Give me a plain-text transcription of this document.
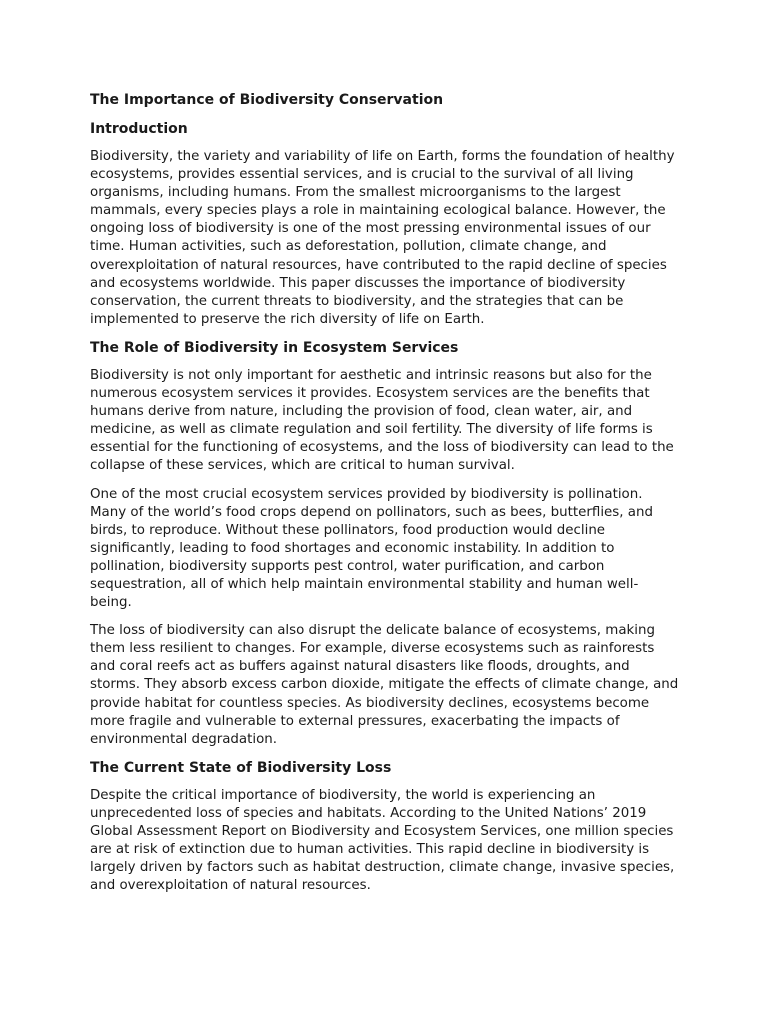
The Importance of Biodiversity Conservation
Introduction

Biodiversity, the variety and variability of life on Earth, forms the foundation of healthy ecosystems, provides essential services, and is crucial to the survival of all living organisms, including humans. From the smallest microorganisms to the largest mammals, every species plays a role in maintaining ecological balance. However, the ongoing loss of biodiversity is one of the most pressing environmental issues of our time. Human activities, such as deforestation, pollution, climate change, and overexploitation of natural resources, have contributed to the rapid decline of species and ecosystems worldwide. This paper discusses the importance of biodiversity conservation, the current threats to biodiversity, and the strategies that can be implemented to preserve the rich diversity of life on Earth.

The Role of Biodiversity in Ecosystem Services

Biodiversity is not only important for aesthetic and intrinsic reasons but also for the numerous ecosystem services it provides. Ecosystem services are the benefits that humans derive from nature, including the provision of food, clean water, air, and medicine, as well as climate regulation and soil fertility. The diversity of life forms is essential for the functioning of ecosystems, and the loss of biodiversity can lead to the collapse of these services, which are critical to human survival.

One of the most crucial ecosystem services provided by biodiversity is pollination. Many of the world’s food crops depend on pollinators, such as bees, butterflies, and birds, to reproduce. Without these pollinators, food production would decline significantly, leading to food shortages and economic instability. In addition to pollination, biodiversity supports pest control, water purification, and carbon sequestration, all of which help maintain environmental stability and human well-being.

The loss of biodiversity can also disrupt the delicate balance of ecosystems, making them less resilient to changes. For example, diverse ecosystems such as rainforests and coral reefs act as buffers against natural disasters like floods, droughts, and storms. They absorb excess carbon dioxide, mitigate the effects of climate change, and provide habitat for countless species. As biodiversity declines, ecosystems become more fragile and vulnerable to external pressures, exacerbating the impacts of environmental degradation.

The Current State of Biodiversity Loss

Despite the critical importance of biodiversity, the world is experiencing an unprecedented loss of species and habitats. According to the United Nations’ 2019 Global Assessment Report on Biodiversity and Ecosystem Services, one million species are at risk of extinction due to human activities. This rapid decline in biodiversity is largely driven by factors such as habitat destruction, climate change, invasive species, and overexploitation of natural resources.
